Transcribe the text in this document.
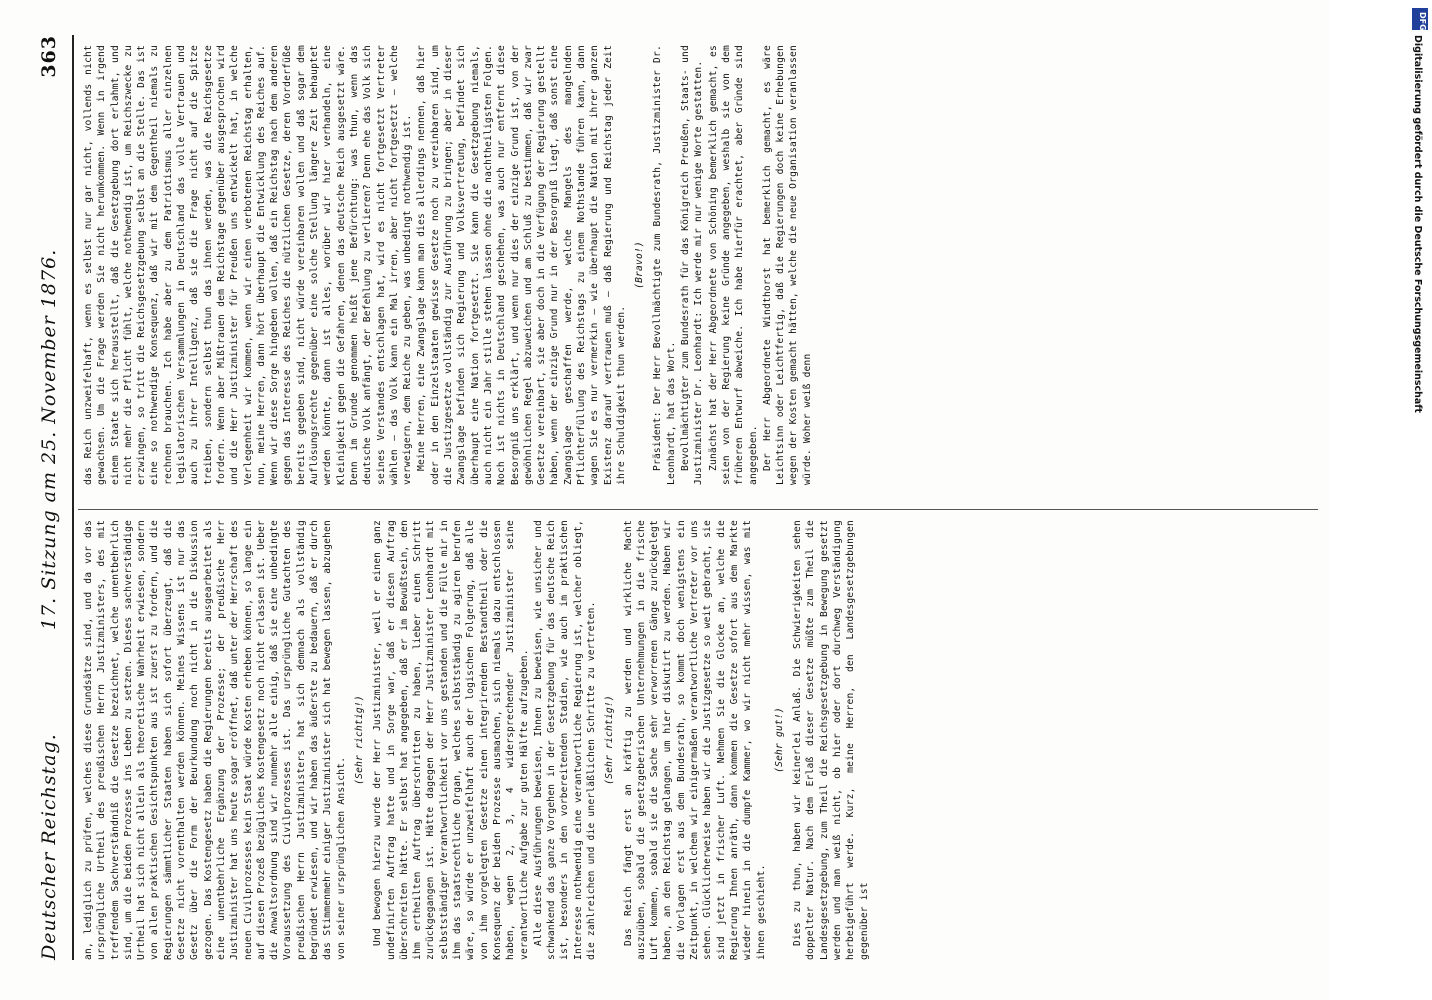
Deutscher Reichstag.
17. Sitzung am 25. November 1876.
363

an, lediglich zu prüfen, welches diese Grundsätze sind, und da vor das ursprüngliche Urtheil des preußischen Herrn Justizministers, des mit treffendem Sachverständniß die Gesetze bezeichnet, welche unentbehrlich sind, um die beiden Prozesse ins Leben zu setzen. Dieses sachverständige Urtheil hat sich nicht allein als theoretische Wahrheit erwiesen, sondern von allen praktischen Gesichtspunkten aus ist zuerst zu fordern, und die Regierungen sämmtlicher Staaten haben sich sofort überzeugt, daß die Gesetze nicht vorenthalten werden können. Meines Wissens ist nur das Gesetz über die Form der Beurkundung noch nicht in die Diskussion gezogen. Das Kostengesetz haben die Regierungen bereits ausgearbeitet als eine unentbehrliche Ergänzung der Prozesse; der preußische Herr Justizminister hat uns heute sogar eröffnet, daß unter der Herrschaft des neuen Civilprozesses kein Staat würde Kosten erheben können, so lange ein auf diesen Prozeß bezügliches Kostengesetz noch nicht erlassen ist. Ueber die Anwaltsordnung sind wir nunmehr alle einig, daß sie eine unbedingte Voraussetzung des Civilprozesses ist. Das ursprüngliche Gutachten des preußischen Herrn Justizministers hat sich demnach als vollständig begründet erwiesen, und wir haben das äußerste zu bedauern, daß er durch das Stimmenmehr einiger Justizminister sich hat bewegen lassen, abzugehen von seiner ursprünglichen Ansicht.

(Sehr richtig!) Und bewogen hierzu wurde der Herr Justizminister, weil er einen ganz undefinirten Auftrag hatte und in Sorge war, daß er diesen Auftrag überschreiten hätte. Er selbst hat angegeben, daß er im Bewußtsein, den ihm ertheilten Auftrag überschritten zu haben, lieber einen Schritt zurückgegangen ist. Hätte dagegen der Herr Justizminister Leonhardt mit selbstständiger Verantwortlichkeit vor uns gestanden und die Fülle mir in ihm das staatsrechtliche Organ, welches selbstständig zu agiren berufen wäre, so würde er unzweifelhaft auch der logischen Folgerung, daß alle von ihm vorgelegten Gesetze einen integrirenden Bestandtheil oder die Konsequenz der beiden Prozesse ausmachen, sich niemals dazu entschlossen haben, wegen 2, 3, 4 widersprechender Justizminister seine verantwortliche Aufgabe zur guten Hälfte aufzugeben. Alle diese Ausführungen beweisen, Ihnen zu beweisen, wie unsicher und schwankend das ganze Vorgehen in der Gesetzgebung für das deutsche Reich ist, besonders in den vorbereitenden Stadien, wie auch im praktischen Interesse nothwendig eine verantwortliche Regierung ist, welcher obliegt, die zahlreichen und die unerläßlichen Schritte zu vertreten. (Sehr richtig!) Das Reich fängt erst an kräftig zu werden und wirkliche Macht auszuüben, sobald die gesetzgeberischen Unternehmungen in die frische Luft kommen, sobald sie die Sache sehr verworrenen Gänge zurückgelegt haben, an den Reichstag gelangen, um hier diskutirt zu werden. Haben wir die Vorlagen erst aus dem Bundesrath, so kommt doch wenigstens ein Zeitpunkt, in welchem wir einigermaßen verantwortliche Vertreter vor uns sehen. Glücklicherweise haben wir die Justizgesetze so weit gebracht, sie sind jetzt in frischer Luft. Nehmen Sie die Glocke an, welche die Regierung Ihnen anräth, dann kommen die Gesetze sofort aus dem Markte wieder hinein in die dumpfe Kammer, wo wir nicht mehr wissen, was mit ihnen geschieht.

(Sehr gut!) Dies zu thun, haben wir keinerlei Anlaß. Die Schwierigkeiten sehen doppelter Natur. Nach dem Erlaß dieser Gesetze müßte zum Theil die Landesgesetzgebung, zum Theil die Reichsgesetzgebung in Bewegung gesetzt werden und man weiß nicht, ob hier oder dort durchweg Verständigung herbeigeführt werde. Kurz, meine Herren, den Landesgesetzgebungen gegenüber ist

das Reich unzweifelhaft, wenn es selbst nur gar nicht, vollends nicht gewachsen. Um die Frage werden Sie nicht herumkommen. Wenn in irgend einem Staate sich herausstellt, daß die Gesetzgebung dort erlahmt, und nicht mehr die Pflicht fühlt, welche nothwendig ist, um Reichszwecke zu erzwingen, so tritt die Reichsgesetzgebung selbst an die Stelle. Das ist eine so nothwendige Konsequenz, daß wir mit dem Gegentheil niemals zu rechnen brauchen. Ich habe aber zu dem Patriotismus aller einzelnen legislatorischen Versammlungen in Deutschland das volle Vertrauen und auch zu ihrer Intelligenz, daß sie die Frage nicht auf die Spitze treiben, sondern selbst thun das ihnen werden, was die Reichsgesetze fordern. Wenn aber Mißtrauen dem Reichstage gegenüber ausgesprochen wird und die Herr Justizminister für Preußen uns entwickelt hat, in welche Verlegenheit wir kommen, wenn wir einen verbotenen Reichstag erhalten, nun, meine Herren, dann hört überhaupt die Entwicklung des Reiches auf. Wenn wir diese Sorge hingeben wollen, daß ein Reichstag nach dem anderen gegen das Interesse des Reiches die nützlichen Gesetze, deren Vorderfüße bereits gegeben sind, nicht würde vereinbaren wollen und daß sogar dem Auflösungsrechte gegenüber eine solche Stellung längere Zeit behauptet werden könnte, dann ist alles, worüber wir hier verhandeln, eine Kleinigkeit gegen die Gefahren, denen das deutsche Reich ausgesetzt wäre. Denn im Grunde genommen heißt jene Befürchtung: was thun, wenn das deutsche Volk anfängt, der Befehlung zu verlieren? Denn ehe das Volk sich seines Verstandes entschlagen hat, wird es nicht fortgesetzt Vertreter wählen — das Volk kann ein Mal irren, aber nicht fortgesetzt — welche verweigern, dem Reiche zu geben, was unbedingt nothwendig ist. Meine Herren, eine Zwangslage kann man dies allerdings nennen, daß hier oder in den Einzelstaaten gewisse Gesetze noch zu vereinbaren sind, um die Justizgesetze vollständig zur Ausführung zu bringen; aber in dieser Zwangslage befinden sich Regierung und Volksvertretung, befindet sich überhaupt eine Nation fortgesetzt. Sie kann die Gesetzgebung niemals, auch nicht ein Jahr stille stehen lassen ohne die nachtheiligsten Folgen. Noch ist nichts in Deutschland geschehen, was auch nur entfernt diese Besorgniß uns erklärt, und wenn nur dies der einzige Grund ist, von der gewöhnlichen Regel abzuweichen und am Schluß zu bestimmen, daß wir zwar Gesetze vereinbart, sie aber doch in die Verfügung der Regierung gestellt haben, wenn der einzige Grund nur in der Besorgniß liegt, daß sonst eine Zwangslage geschaffen werde, welche Mangels des mangelnden Pflichterfüllung des Reichstags zu einem Nothstande führen kann, dann wagen Sie es nur vermerkin — wie überhaupt die Nation mit ihrer ganzen Existenz darauf vertrauen muß — daß Regierung und Reichstag jeder Zeit ihre Schuldigkeit thun werden.

(Bravo!) Präsident: Der Herr Bevollmächtigte zum Bundesrath, Justizminister Dr. Leonhardt, hat das Wort. Bevollmächtigter zum Bundesrath für das Königreich Preußen, Staats- und Justizminister Dr. Leonhardt: Ich werde mir nur wenige Worte gestatten. Zunächst hat der Herr Abgeordnete von Schöning bemerklich gemacht, es seien von der Regierung keine Gründe angegeben, weshalb sie von dem früheren Entwurf abweiche. Ich habe hierfür erachtet, aber Gründe sind angegeben. Der Herr Abgeordnete Windthorst hat bemerklich gemacht, es wäre Leichtsinn oder Leichtfertig, daß die Regierungen doch keine Erhebungen wegen der Kosten gemacht hätten, welche die neue Organisation veranlassen würde. Woher weiß denn

DFG
Digitalisierung gefördert durch die Deutsche Forschungsgemeinschaft
